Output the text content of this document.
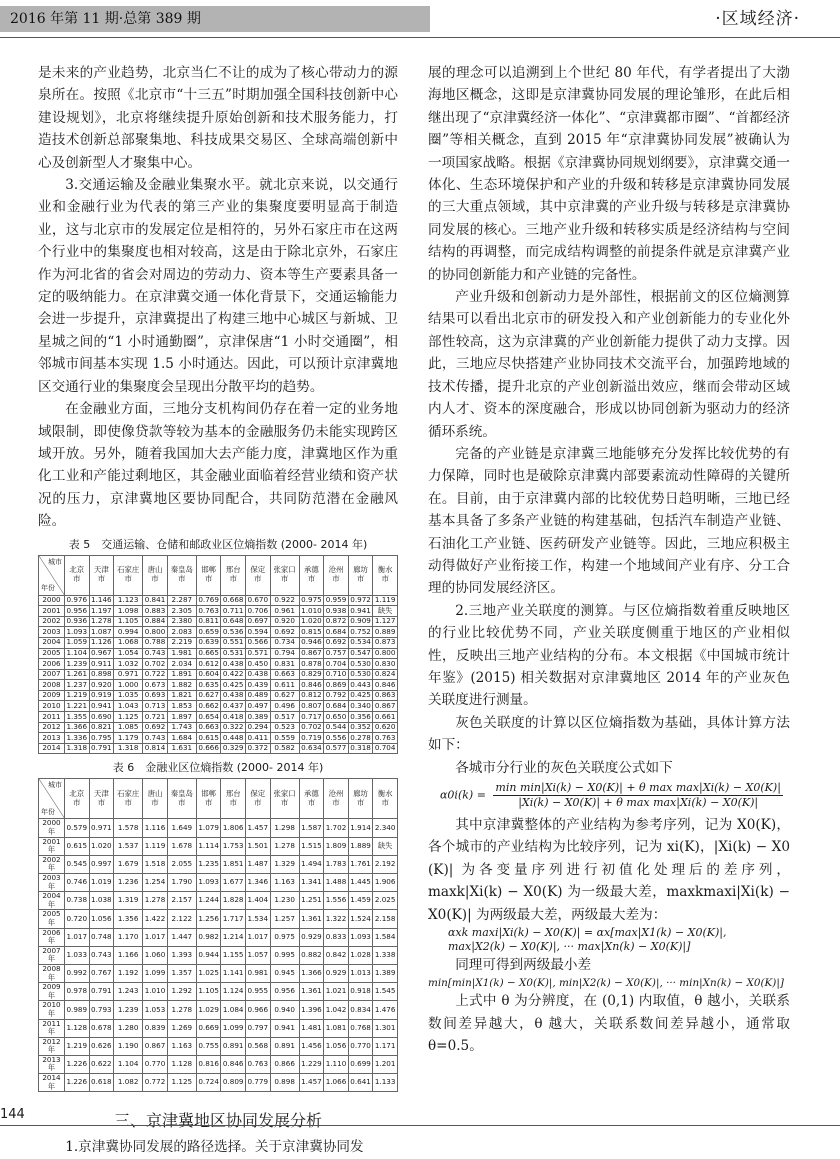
2016 年第 11 期·总第 389 期	·区域经济·

是未来的产业趋势，北京当仁不让的成为了核心带动力的源泉所在。按照《北京市“十三五”时期加强全国科技创新中心建设规划》，北京将继续提升原始创新和技术服务能力，打造技术创新总部聚集地、科技成果交易区、全球高端创新中心及创新型人才聚集中心。

3.交通运输及金融业集聚水平。就北京来说，以交通行业和金融行业为代表的第三产业的集聚度要明显高于制造业，这与北京市的发展定位是相符的，另外石家庄市在这两个行业中的集聚度也相对较高，这是由于除北京外，石家庄作为河北省的省会对周边的劳动力、资本等生产要素具备一定的吸纳能力。在京津冀交通一体化背景下，交通运输能力会进一步提升，京津冀提出了构建三地中心城区与新城、卫星城之间的“1 小时通勤圈”，京津保唐“1 小时交通圈”，相邻城市间基本实现 1.5 小时通达。因此，可以预计京津冀地区交通行业的集聚度会呈现出分散平均的趋势。

在金融业方面，三地分支机构间仍存在着一定的业务地域限制，即使像贷款等较为基本的金融服务仍未能实现跨区域开放。另外，随着我国加大去产能力度，津冀地区作为重化工业和产能过剩地区，其金融业面临着经营业绩和资产状况的压力，京津冀地区要协同配合，共同防范潜在金融风险。

表 5　交通运输、仓储和邮政业区位熵指数 (2000- 2014 年)
城市
年份	北京市	天津市	石家庄市	唐山市	秦皇岛市	邯郸市	邢台市	保定市	张家口市	承德市	沧州市	廊坊市	衡水市
2000	0.976	1.146	1.123	0.841	2.287	0.769	0.668	0.670	0.922	0.975	0.959	0.972	1.119
2001	0.956	1.197	1.098	0.883	2.305	0.763	0.711	0.706	0.961	1.010	0.938	0.941	缺失
2002	0.936	1.278	1.105	0.884	2.380	0.811	0.648	0.697	0.920	1.020	0.872	0.909	1.127
2003	1.093	1.087	0.994	0.800	2.083	0.659	0.536	0.594	0.692	0.815	0.684	0.752	0.889
2004	1.059	1.126	1.068	0.788	2.219	0.639	0.551	0.566	0.734	0.946	0.692	0.534	0.873
2005	1.104	0.967	1.054	0.743	1.981	0.665	0.531	0.571	0.794	0.867	0.757	0.547	0.800
2006	1.239	0.911	1.032	0.702	2.034	0.612	0.438	0.450	0.831	0.878	0.704	0.530	0.830
2007	1.261	0.898	0.971	0.722	1.891	0.604	0.422	0.438	0.663	0.829	0.710	0.530	0.824
2008	1.237	0.920	1.000	0.673	1.882	0.635	0.425	0.439	0.611	0.846	0.869	0.443	0.846
2009	1.219	0.919	1.035	0.693	1.821	0.627	0.438	0.489	0.627	0.812	0.792	0.425	0.863
2010	1.221	0.941	1.043	0.713	1.853	0.662	0.437	0.497	0.496	0.807	0.684	0.340	0.867
2011	1.355	0.690	1.125	0.721	1.897	0.654	0.418	0.389	0.517	0.717	0.650	0.356	0.661
2012	1.366	0.821	1.085	0.692	1.743	0.663	0.322	0.294	0.523	0.702	0.544	0.352	0.620
2013	1.336	0.795	1.179	0.743	1.684	0.615	0.448	0.411	0.559	0.719	0.556	0.278	0.763
2014	1.318	0.791	1.318	0.814	1.631	0.666	0.329	0.372	0.582	0.634	0.577	0.318	0.704
表 6　金融业区位熵指数 (2000- 2014 年)
城市
年份	北京市	天津市	石家庄市	唐山市	秦皇岛市	邯郸市	邢台市	保定市	张家口市	承德市	沧州市	廊坊市	衡水市
2000 年	0.579	0.971	1.578	1.116	1.649	1.079	1.806	1.457	1.298	1.587	1.702	1.914	2.340
2001 年	0.615	1.020	1.537	1.119	1.678	1.114	1.753	1.501	1.278	1.515	1.809	1.889	缺失
2002 年	0.545	0.997	1.679	1.518	2.055	1.235	1.851	1.487	1.329	1.494	1.783	1.761	2.192
2003 年	0.746	1.019	1.236	1.254	1.790	1.093	1.677	1.346	1.163	1.341	1.488	1.445	1.906
2004 年	0.738	1.038	1.319	1.278	2.157	1.244	1.828	1.404	1.230	1.251	1.556	1.459	2.025
2005 年	0.720	1.056	1.356	1.422	2.122	1.256	1.717	1.534	1.257	1.361	1.322	1.524	2.158
2006 年	1.017	0.748	1.170	1.017	1.447	0.982	1.214	1.017	0.975	0.929	0.833	1.093	1.584
2007 年	1.033	0.743	1.166	1.060	1.393	0.944	1.155	1.057	0.995	0.882	0.842	1.028	1.338
2008 年	0.992	0.767	1.192	1.099	1.357	1.025	1.141	0.981	0.945	1.366	0.929	1.013	1.389
2009 年	0.978	0.791	1.243	1.010	1.292	1.105	1.124	0.955	0.956	1.361	1.021	0.918	1.545
2010 年	0.989	0.793	1.239	1.053	1.278	1.029	1.084	0.966	0.940	1.396	1.042	0.834	1.476
2011 年	1.128	0.678	1.280	0.839	1.269	0.669	1.099	0.797	0.941	1.481	1.081	0.768	1.301
2012 年	1.219	0.626	1.190	0.867	1.163	0.755	0.891	0.568	0.891	1.456	1.056	0.770	1.171
2013 年	1.226	0.622	1.104	0.770	1.128	0.816	0.846	0.763	0.866	1.229	1.110	0.699	1.201
2014 年	1.226	0.618	1.082	0.772	1.125	0.724	0.809	0.779	0.898	1.457	1.066	0.641	1.133
三、京津冀地区协同发展分析

1.京津冀协同发展的路径选择。关于京津冀协同发

展的理念可以追溯到上个世纪 80 年代，有学者提出了大渤海地区概念，这即是京津冀协同发展的理论雏形，在此后相继出现了“京津冀经济一体化”、“京津冀都市圈”、“首都经济圈”等相关概念，直到 2015 年“京津冀协同发展”被确认为一项国家战略。根据《京津冀协同规划纲要》，京津冀交通一体化、生态环境保护和产业的升级和转移是京津冀协同发展的三大重点领域，其中京津冀的产业升级与转移是京津冀协同发展的核心。三地产业升级和转移实质是经济结构与空间结构的再调整，而完成结构调整的前提条件就是京津冀产业的协同创新能力和产业链的完备性。

产业升级和创新动力是外部性，根据前文的区位熵测算结果可以看出北京市的研发投入和产业创新能力的专业化外部性较高，这为京津冀的产业创新能力提供了动力支撑。因此，三地应尽快搭建产业协同技术交流平台，加强跨地域的技术传播，提升北京的产业创新溢出效应，继而会带动区域内人才、资本的深度融合，形成以协同创新为驱动力的经济循环系统。

完备的产业链是京津冀三地能够充分发挥比较优势的有力保障，同时也是破除京津冀内部要素流动性障碍的关键所在。目前，由于京津冀内部的比较优势日趋明晰，三地已经基本具备了多条产业链的构建基础，包括汽车制造产业链、石油化工产业链、医药研发产业链等。因此，三地应积极主动得做好产业衔接工作，构建一个地域间产业有序、分工合理的协同发展经济区。

2.三地产业关联度的测算。与区位熵指数着重反映地区的行业比较优势不同，产业关联度侧重于地区的产业相似性，反映出三地产业结构的分布。本文根据《中国城市统计年鉴》(2015) 相关数据对京津冀地区 2014 年的产业灰色关联度进行测量。

灰色关联度的计算以区位熵指数为基础，具体计算方法如下：

各城市分行业的灰色关联度公式如下

$\alpha 0i(k) = \frac{\text{min min|Xi(k) − X0(K)| + θ max max|Xi(k) − X0(K)|}}{\text{|Xi(k) − X0(K)| + θ max max|Xi(k) − X0(K)|}}$

其中京津冀整体的产业结构为参考序列，记为 X0(K)，各个城市的产业结构为比较序列，记为 xi(K)，|Xi(k) − X0 (K)| 为各变量序列进行初值化处理后的差序列，maxk|Xi(k) − X0(K) 为一级最大差，maxkmaxi|Xi(k) − X0(K)| 为两级最大差，两级最大差为：

αxk maxi|Xi(k) − X0(K)| = αx[max|X1(k) − X0(K)|,
max|X2(k) − X0(K)|, ··· max|Xn(k) − X0(K)|]

同理可得到两级最小差

min[min|X1(k) − X0(K)|, min|X2(k) − X0(K)|, ··· min|Xn(k) − X0(K)|]

上式中 θ 为分辨度，在 (0,1) 内取值，θ 越小，关联系数间差异越大，θ 越大，关联系数间差异越小，通常取 θ=0.5。

144
